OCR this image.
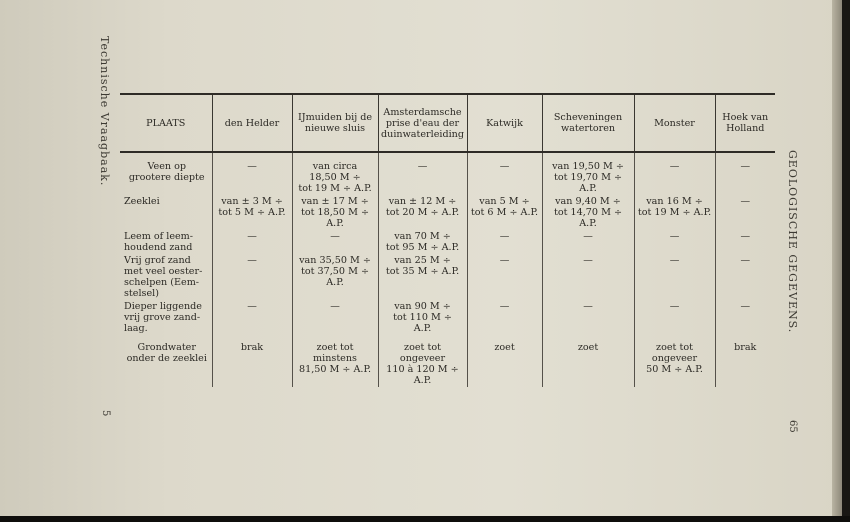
Technische Vraagbaak.
5
GEOLOGISCHE GEGEVENS.
65
PLAATS	den Helder	IJmuiden bij de nieuwe sluis	Amsterdamsche prise d'eau der duinwaterleiding	Katwijk	Scheveningen watertoren	Monster	Hoek van Holland
Veen op
grootere diepte	—	van circa
18,50 M ÷
tot 19 M ÷ A.P.	—	—	van 19,50 M ÷
tot 19,70 M ÷
A.P.	—	—
Zeeklei	van ± 3 M ÷
tot 5 M ÷ A.P.	van ± 17 M ÷
tot 18,50 M ÷
A.P.	van ± 12 M ÷
tot 20 M ÷ A.P.	van 5 M ÷
tot 6 M ÷ A.P.	van 9,40 M ÷
tot 14,70 M ÷ A.P.	van 16 M ÷
tot 19 M ÷ A.P.	—
Leem of leem-
houdend zand	—	—	van 70 M ÷
tot 95 M ÷ A.P.	—	—	—	—
Vrij grof zand
met veel oester-
schelpen (Eem-
stelsel)	—	van 35,50 M ÷
tot 37,50 M ÷
A.P.	van 25 M ÷
tot 35 M ÷ A.P.	—	—	—	—
Dieper liggende
vrij grove zand-
laag.	—	—	van 90 M ÷
tot 110 M ÷
A.P.	—	—	—	—
Grondwater
onder de zeeklei	brak	zoet tot
minstens
81,50 M ÷ A.P.	zoet tot
ongeveer
110 à 120 M ÷
A.P.	zoet	zoet	zoet tot
ongeveer
50 M ÷ A.P.	brak
